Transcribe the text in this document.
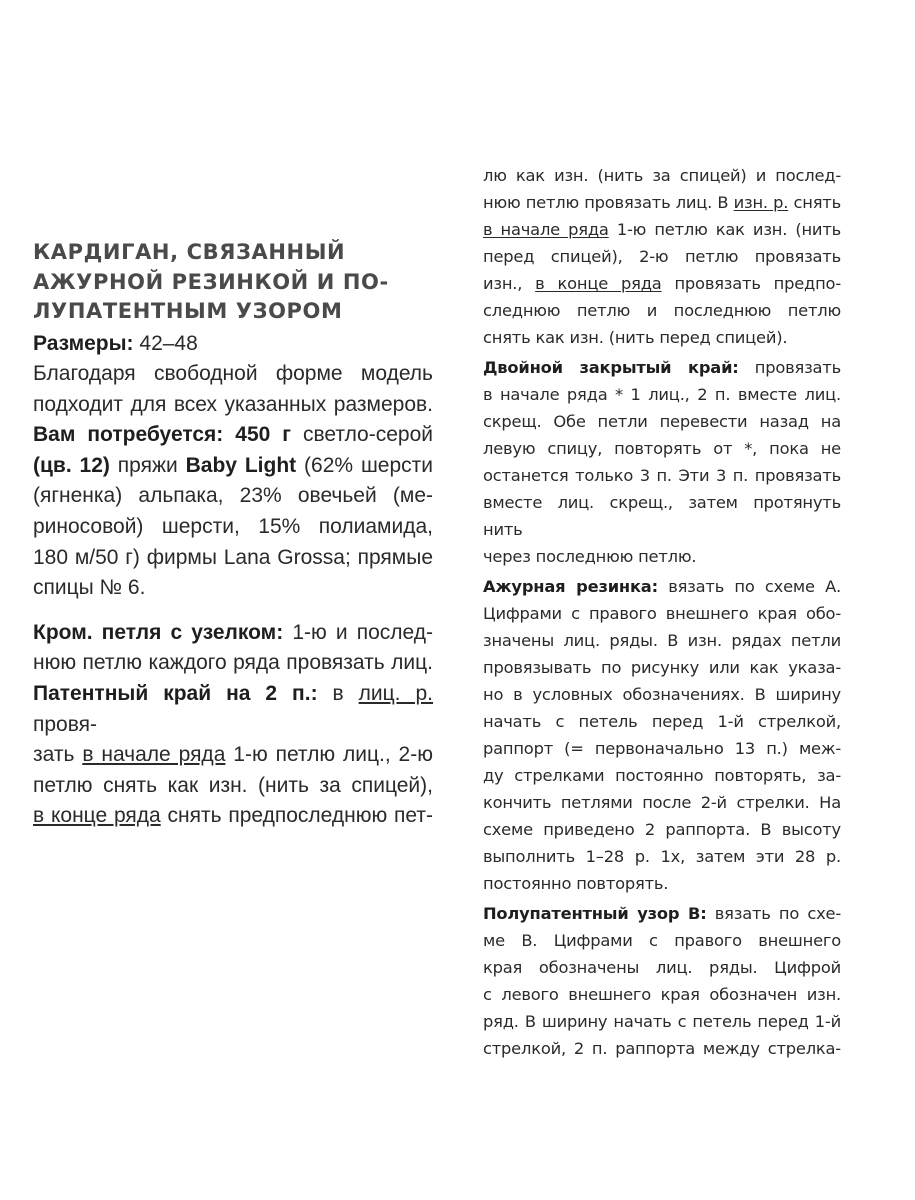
КАРДИГАН, СВЯЗАННЫЙ
АЖУРНОЙ РЕЗИНКОЙ И ПО-
ЛУПАТЕНТНЫМ УЗОРОМ
Размеры: 42–48
Благодаря свободной форме модель
подходит для всех указанных размеров.
Вам потребуется: 450 г светло-серой
(цв. 12) пряжи Baby Light (62% шерсти
(ягненка) альпака, 23% овечьей (ме-
риносовой) шерсти, 15% полиамида,
180 м/50 г) фирмы Lana Grossa; прямые
спицы № 6.
Кром. петля с узелком: 1-ю и послед-
нюю петлю каждого ряда провязать лиц.
Патентный край на 2 п.: в лиц. р. провя-
зать в начале ряда 1-ю петлю лиц., 2-ю
петлю снять как изн. (нить за спицей),
в конце ряда снять предпоследнюю пет-
лю как изн. (нить за спицей) и послед-
нюю петлю провязать лиц. В изн. р. снять
в начале ряда 1-ю петлю как изн. (нить
перед спицей), 2-ю петлю провязать
изн., в конце ряда провязать предпо-
следнюю петлю и последнюю петлю
снять как изн. (нить перед спицей).
Двойной закрытый край: провязать
в начале ряда * 1 лиц., 2 п. вместе лиц.
скрещ. Обе петли перевести назад на
левую спицу, повторять от *, пока не
останется только 3 п. Эти 3 п. провязать
вместе лиц. скрещ., затем протянуть нить
через последнюю петлю.
Ажурная резинка: вязать по схеме А.
Цифрами с правого внешнего края обо-
значены лиц. ряды. В изн. рядах петли
провязывать по рисунку или как указа-
но в условных обозначениях. В ширину
начать с петель перед 1-й стрелкой,
раппорт (= первоначально 13 п.) меж-
ду стрелками постоянно повторять, за-
кончить петлями после 2-й стрелки. На
схеме приведено 2 раппорта. В высоту
выполнить 1–28 р. 1х, затем эти 28 р.
постоянно повторять.
Полупатентный узор В: вязать по схе-
ме В. Цифрами с правого внешнего
края обозначены лиц. ряды. Цифрой
с левого внешнего края обозначен изн.
ряд. В ширину начать с петель перед 1-й
стрелкой, 2 п. раппорта между стрелка-
